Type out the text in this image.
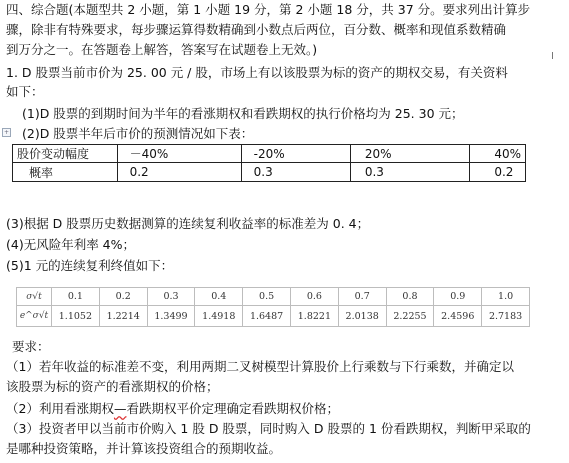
四、综合题(本题型共 2 小题，第 1 小题 19 分，第 2 小题 18 分，共 37 分。要求列出计算步
骤，除非有特殊要求，每步骤运算得数精确到小数点后两位，百分数、概率和现值系数精确
到万分之一。在答题卷上解答，答案写在试题卷上无效。)
1. D 股票当前市价为 25. 00 元 / 股，市场上有以该股票为标的资产的期权交易，有关资料
如下：
(1)D 股票的到期时间为半年的看涨期权和看跌期权的执行价格均为 25. 30 元；
+ (2)D 股票半年后市价的预测情况如下表：
股价变动幅度	－40%	-20%	20%	40%
概率	0.2	0.3	0.3	0.2
(3)根据 D 股票历史数据测算的连续复利收益率的标准差为 0. 4；
(4)无风险年利率 4%；
(5)1 元的连续复利终值如下：
σ√t	0.1	0.2	0.3	0.4	0.5	0.6	0.7	0.8	0.9	1.0
e^σ√t	1.1052	1.2214	1.3499	1.4918	1.6487	1.8221	2.0138	2.2255	2.4596	2.7183
要求：
（1）若年收益的标准差不变，利用两期二叉树模型计算股价上行乘数与下行乘数，并确定以
该股票为标的资产的看涨期权的价格；
（2）利用看涨期权—看跌期权平价定理确定看跌期权价格；
（3）投资者甲以当前市价购入 1 股 D 股票，同时购入 D 股票的 1 份看跌期权，判断甲采取的
是哪种投资策略，并计算该投资组合的预期收益。
